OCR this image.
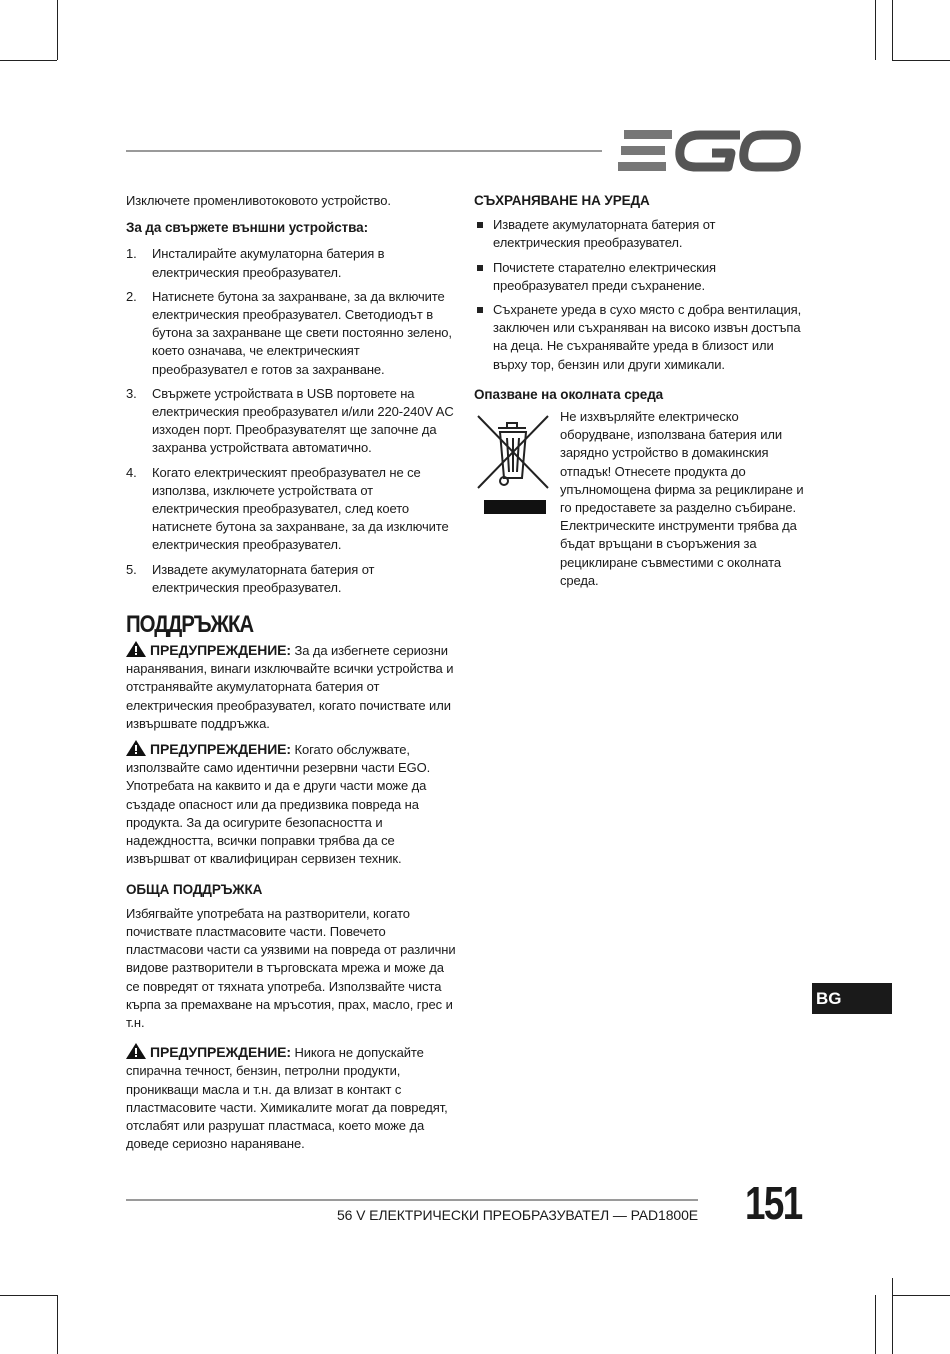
Изключете променливотоковото устройство.

За да свържете външни устройства:

1.	Инсталирайте акумулаторна батерия в електрическия преобразувател.
2.	Натиснете бутона за захранване, за да включите електрическия преобразувател. Светодиодът в бутона за захранване ще свети постоянно зелено, което означава, че електрическият преобразувател е готов за захранване.
3.	Свържете устройствата в USB портовете на електрическия преобразувател и/или 220-240V AC изходен порт. Преобразувателят ще започне да захранва устройствата автоматично.
4.	Когато електрическият преобразувател не се използва, изключете устройствата от електрическия преобразувател, след което натиснете бутона за захранване, за да изключите електрическия преобразувател.
5.	Извадете акумулаторната батерия от електрическия преобразувател.
ПОДДРЪЖКА

ПРЕДУПРЕЖДЕНИЕ: За да избегнете сериозни наранявания, винаги изключвайте всички устройства и отстранявайте акумулаторната батерия от електрическия преобразувател, когато почиствате или извършвате поддръжка.

ПРЕДУПРЕЖДЕНИЕ: Когато обслужвате, използвайте само идентични резервни части EGO. Употребата на каквито и да е други части може да създаде опасност или да предизвика повреда на продукта. За да осигурите безопасността и надеждността, всички поправки трябва да се извършват от квалифициран сервизен техник.

ОБЩА ПОДДРЪЖКА

Избягвайте употребата на разтворители, когато почиствате пластмасовите части. Повечето пластмасови части са уязвими на повреда от различни видове разтворители в търговската мрежа и може да се повредят от тяхната употреба. Използвайте чиста кърпа за премахване на мръсотия, прах, масло, грес и т.н.

ПРЕДУПРЕЖДЕНИЕ: Никога не допускайте спирачна течност, бензин, петролни продукти, проникващи масла и т.н. да влизат в контакт с пластмасовите части. Химикалите могат да повредят, отслабят или разрушат пластмаса, което може да доведе сериозно нараняване.

СЪХРАНЯВАНЕ НА УРЕДА

Извадете акумулаторната батерия от електрическия преобразувател.
Почистете старателно електрическия преобразувател преди съхранение.
Съхранете уреда в сухо място с добра вентилация, заключен или съхраняван на високо извън достъпа на деца. Не съхранявайте уреда в близост или върху тор, бензин или други химикали.

Опазване на околната среда

Не изхвърляйте електрическо оборудване, използвана батерия или зарядно устройство в домакинския отпадък! Отнесете продукта до упълномощена фирма за рециклиране и го предоставете за разделно събиране. Електрическите инструменти трябва да бъдат връщани в съоръжения за рециклиране съвместими с околната среда.

BG
56 V ЕЛЕКТРИЧЕСКИ ПРЕОБРАЗУВАТЕЛ — PAD1800E 151
